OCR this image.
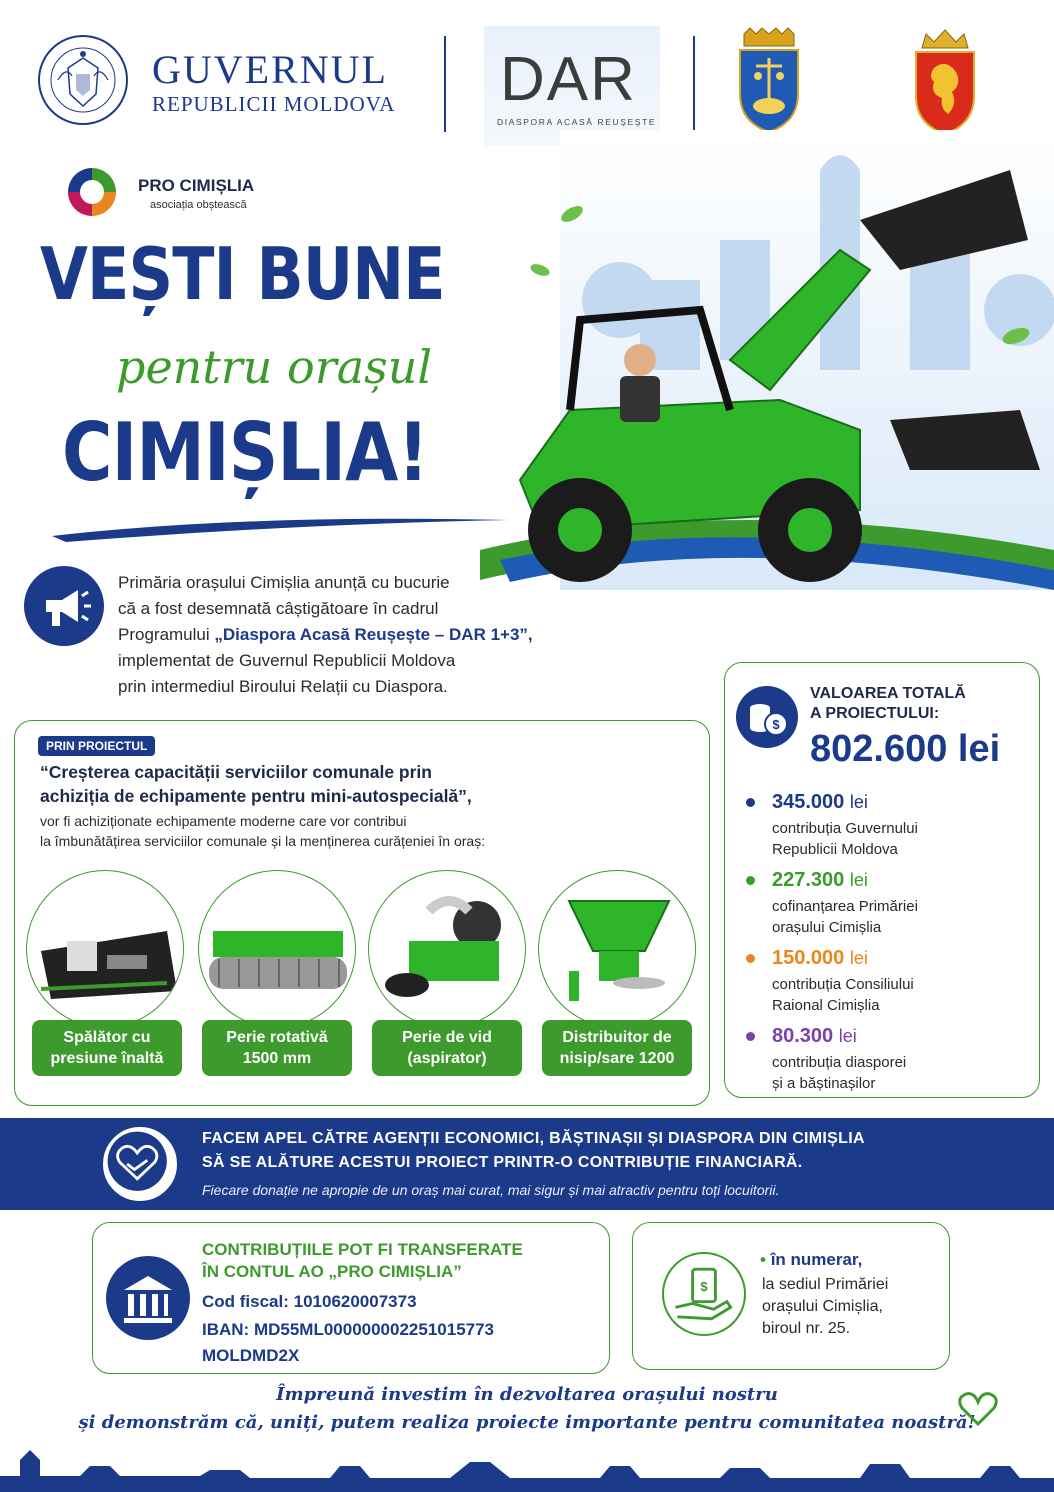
GUVERNUL
REPUBLICII MOLDOVA DAR
DIASPORA ACASĂ REUȘEȘTE
PRO CIMIȘLIA
asociația obștească
VEȘTI BUNE
pentru orașul
CIMIȘLIA!
Primăria orașului Cimișlia anunță cu bucurie
că a fost desemnată câștigătoare în cadrul
Programului „Diaspora Acasă Reușește – DAR 1+3”,
implementat de Guvernul Republicii Moldova
prin intermediul Biroului Relații cu Diaspora.
$
VALOAREA TOTALĂ
A PROIECTULUI:
802.600 lei
345.000 lei
contribuția Guvernului
Republicii Moldova
227.300 lei
cofinanțarea Primăriei
orașului Cimișlia
150.000 lei
contribuția Consiliului
Raional Cimișlia
80.300 lei
contribuția diasporei
și a băștinașilor
PRIN PROIECTUL
“Creșterea capacității serviciilor comunale prin
achiziția de echipamente pentru mini-autospecială”,
vor fi achiziționate echipamente moderne care vor contribui
la îmbunătățirea serviciilor comunale și la menținerea curățeniei în oraș:
Spălător cu
presiune înaltă
Perie rotativă
1500 mm
Perie de vid
(aspirator)
Distribuitor de
nisip/sare 1200
FACEM APEL CĂTRE AGENȚII ECONOMICI, BĂȘTINAȘII ȘI DIASPORA DIN CIMIȘLIA
SĂ SE ALĂTURE ACESTUI PROIECT PRINTR-O CONTRIBUȚIE FINANCIARĂ.
Fiecare donație ne apropie de un oraș mai curat, mai sigur și mai atractiv pentru toți locuitorii.
CONTRIBUȚIILE POT FI TRANSFERATE
ÎN CONTUL AO „PRO CIMIȘLIA”
Cod fiscal: 1010620007373
IBAN: MD55ML000000002251015773
MOLDMD2X
$
• în numerar,
la sediul Primăriei
orașului Cimișlia,
biroul nr. 25.
Împreună investim în dezvoltarea orașului nostru
și demonstrăm că, uniți, putem realiza proiecte importante pentru comunitatea noastră!
